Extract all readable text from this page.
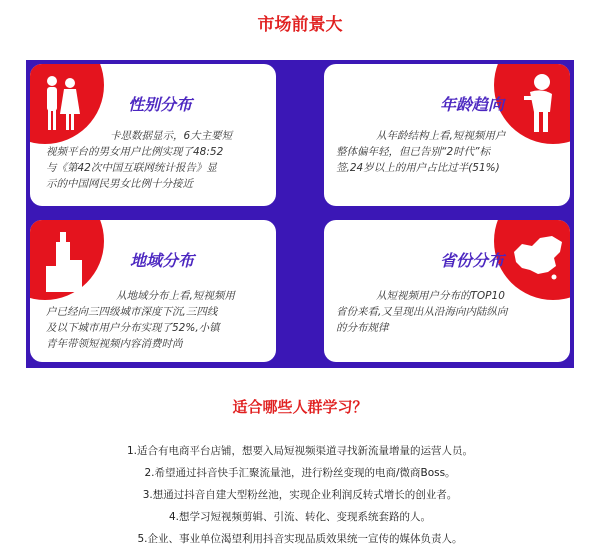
市场前景大
性别分布
卡思数据显示，6大主要短
视频平台的男女用户比例实现了48:52
与《第42次中国互联网统计报告》显
示的中国网民男女比例十分接近
年龄趋向
从年龄结构上看,短视频用户
整体偏年轻，但已告别“2时代”标
签,24岁以上的用户占比过半(51%)
地域分布
从地域分布上看,短视频用
户已经向三四级城市深度下沉,三四线
及以下城市用户分布实现了52%,小镇
青年带领短视频内容消费时尚
省份分布
从短视频用户分布的TOP10
省份来看,又呈现出从沿海向内陆纵向
的分布规律
适合哪些人群学习？
1.适合有电商平台店铺，想要入局短视频渠道寻找新流量增量的运营人员。
2.希望通过抖音快手汇聚流量池，进行粉丝变现的电商/微商Boss。
3.想通过抖音自建大型粉丝池，实现企业利润反转式增长的创业者。
4.想学习短视频剪辑、引流、转化、变现系统套路的人。
5.企业、事业单位渴望利用抖音实现品质效果统一宣传的媒体负责人。
